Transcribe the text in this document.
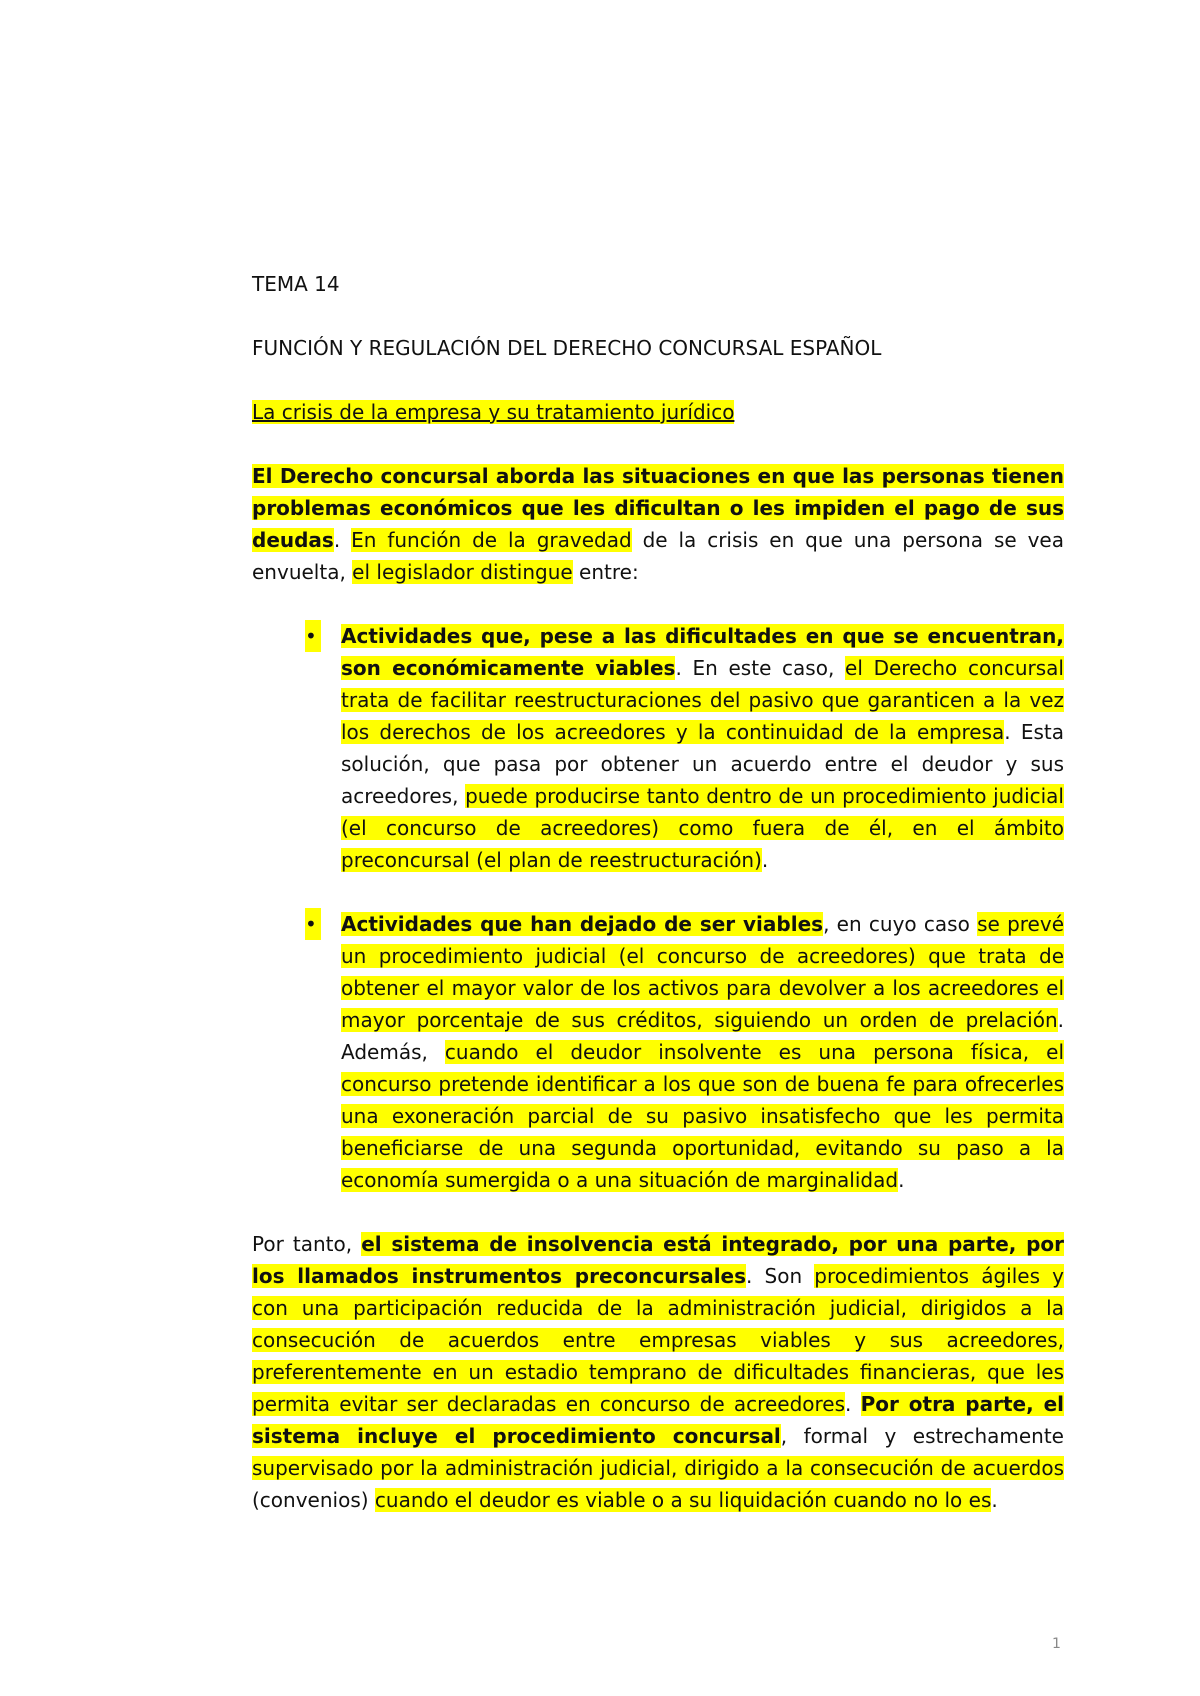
TEMA 14
FUNCIÓN Y REGULACIÓN DEL DERECHO CONCURSAL ESPAÑOL
La crisis de la empresa y su tratamiento jurídico

El Derecho concursal aborda las situaciones en que las personas tienen problemas económicos que les dificultan o les impiden el pago de sus deudas. En función de la gravedad de la crisis en que una persona se vea envuelta, el legislador distingue entre:

• Actividades que, pese a las dificultades en que se encuentran, son económicamente viables. En este caso, el Derecho concursal trata de facilitar reestructuraciones del pasivo que garanticen a la vez los derechos de los acreedores y la continuidad de la empresa. Esta solución, que pasa por obtener un acuerdo entre el deudor y sus acreedores, puede producirse tanto dentro de un procedimiento judicial (el concurso de acreedores) como fuera de él, en el ámbito preconcursal (el plan de reestructuración).
• Actividades que han dejado de ser viables, en cuyo caso se prevé un procedimiento judicial (el concurso de acreedores) que trata de obtener el mayor valor de los activos para devolver a los acreedores el mayor porcentaje de sus créditos, siguiendo un orden de prelación. Además, cuando el deudor insolvente es una persona física, el concurso pretende identificar a los que son de buena fe para ofrecerles una exoneración parcial de su pasivo insatisfecho que les permita beneficiarse de una segunda oportunidad, evitando su paso a la economía sumergida o a una situación de marginalidad.

Por tanto, el sistema de insolvencia está integrado, por una parte, por los llamados instrumentos preconcursales. Son procedimientos ágiles y con una participación reducida de la administración judicial, dirigidos a la consecución de acuerdos entre empresas viables y sus acreedores, preferentemente en un estadio temprano de dificultades financieras, que les permita evitar ser declaradas en concurso de acreedores. Por otra parte, el sistema incluye el procedimiento concursal, formal y estrechamente supervisado por la administración judicial, dirigido a la consecución de acuerdos (convenios) cuando el deudor es viable o a su liquidación cuando no lo es.

1
